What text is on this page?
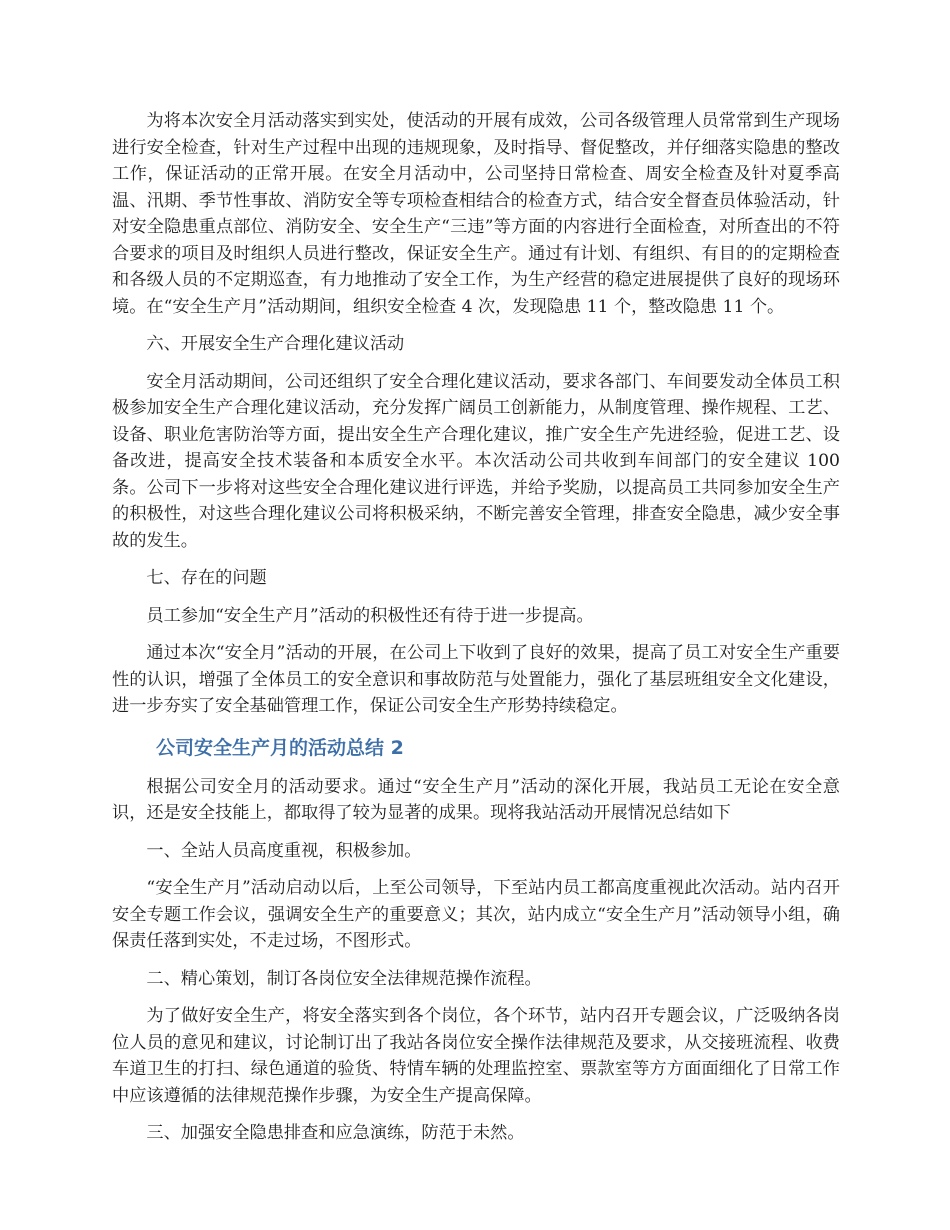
为将本次安全月活动落实到实处，使活动的开展有成效，公司各级管理人员常常到生产现场进行安全检查，针对生产过程中出现的违规现象，及时指导、督促整改，并仔细落实隐患的整改工作，保证活动的正常开展。在安全月活动中，公司坚持日常检查、周安全检查及针对夏季高温、汛期、季节性事故、消防安全等专项检查相结合的检查方式，结合安全督查员体验活动，针对安全隐患重点部位、消防安全、安全生产“三违”等方面的内容进行全面检查，对所查出的不符合要求的项目及时组织人员进行整改，保证安全生产。通过有计划、有组织、有目的的定期检查和各级人员的不定期巡查，有力地推动了安全工作，为生产经营的稳定进展提供了良好的现场环境。在“安全生产月”活动期间，组织安全检查 4 次，发现隐患 11 个，整改隐患 11 个。

六、开展安全生产合理化建议活动

安全月活动期间，公司还组织了安全合理化建议活动，要求各部门、车间要发动全体员工积极参加安全生产合理化建议活动，充分发挥广阔员工创新能力，从制度管理、操作规程、工艺、设备、职业危害防治等方面，提出安全生产合理化建议，推广安全生产先进经验，促进工艺、设备改进，提高安全技术装备和本质安全水平。本次活动公司共收到车间部门的安全建议 100 条。公司下一步将对这些安全合理化建议进行评选，并给予奖励，以提高员工共同参加安全生产的积极性，对这些合理化建议公司将积极采纳，不断完善安全管理，排查安全隐患，减少安全事故的发生。

七、存在的问题

员工参加“安全生产月”活动的积极性还有待于进一步提高。

通过本次“安全月”活动的开展，在公司上下收到了良好的效果，提高了员工对安全生产重要性的认识，增强了全体员工的安全意识和事故防范与处置能力，强化了基层班组安全文化建设，进一步夯实了安全基础管理工作，保证公司安全生产形势持续稳定。

公司安全生产月的活动总结 2

根据公司安全月的活动要求。通过“安全生产月”活动的深化开展，我站员工无论在安全意识，还是安全技能上，都取得了较为显著的成果。现将我站活动开展情况总结如下

一、全站人员高度重视，积极参加。

“安全生产月”活动启动以后，上至公司领导，下至站内员工都高度重视此次活动。站内召开安全专题工作会议，强调安全生产的重要意义；其次，站内成立“安全生产月”活动领导小组，确保责任落到实处，不走过场，不图形式。

二、精心策划，制订各岗位安全法律规范操作流程。

为了做好安全生产，将安全落实到各个岗位，各个环节，站内召开专题会议，广泛吸纳各岗位人员的意见和建议，讨论制订出了我站各岗位安全操作法律规范及要求，从交接班流程、收费车道卫生的打扫、绿色通道的验货、特情车辆的处理监控室、票款室等方方面面细化了日常工作中应该遵循的法律规范操作步骤，为安全生产提高保障。

三、加强安全隐患排查和应急演练，防范于未然。
